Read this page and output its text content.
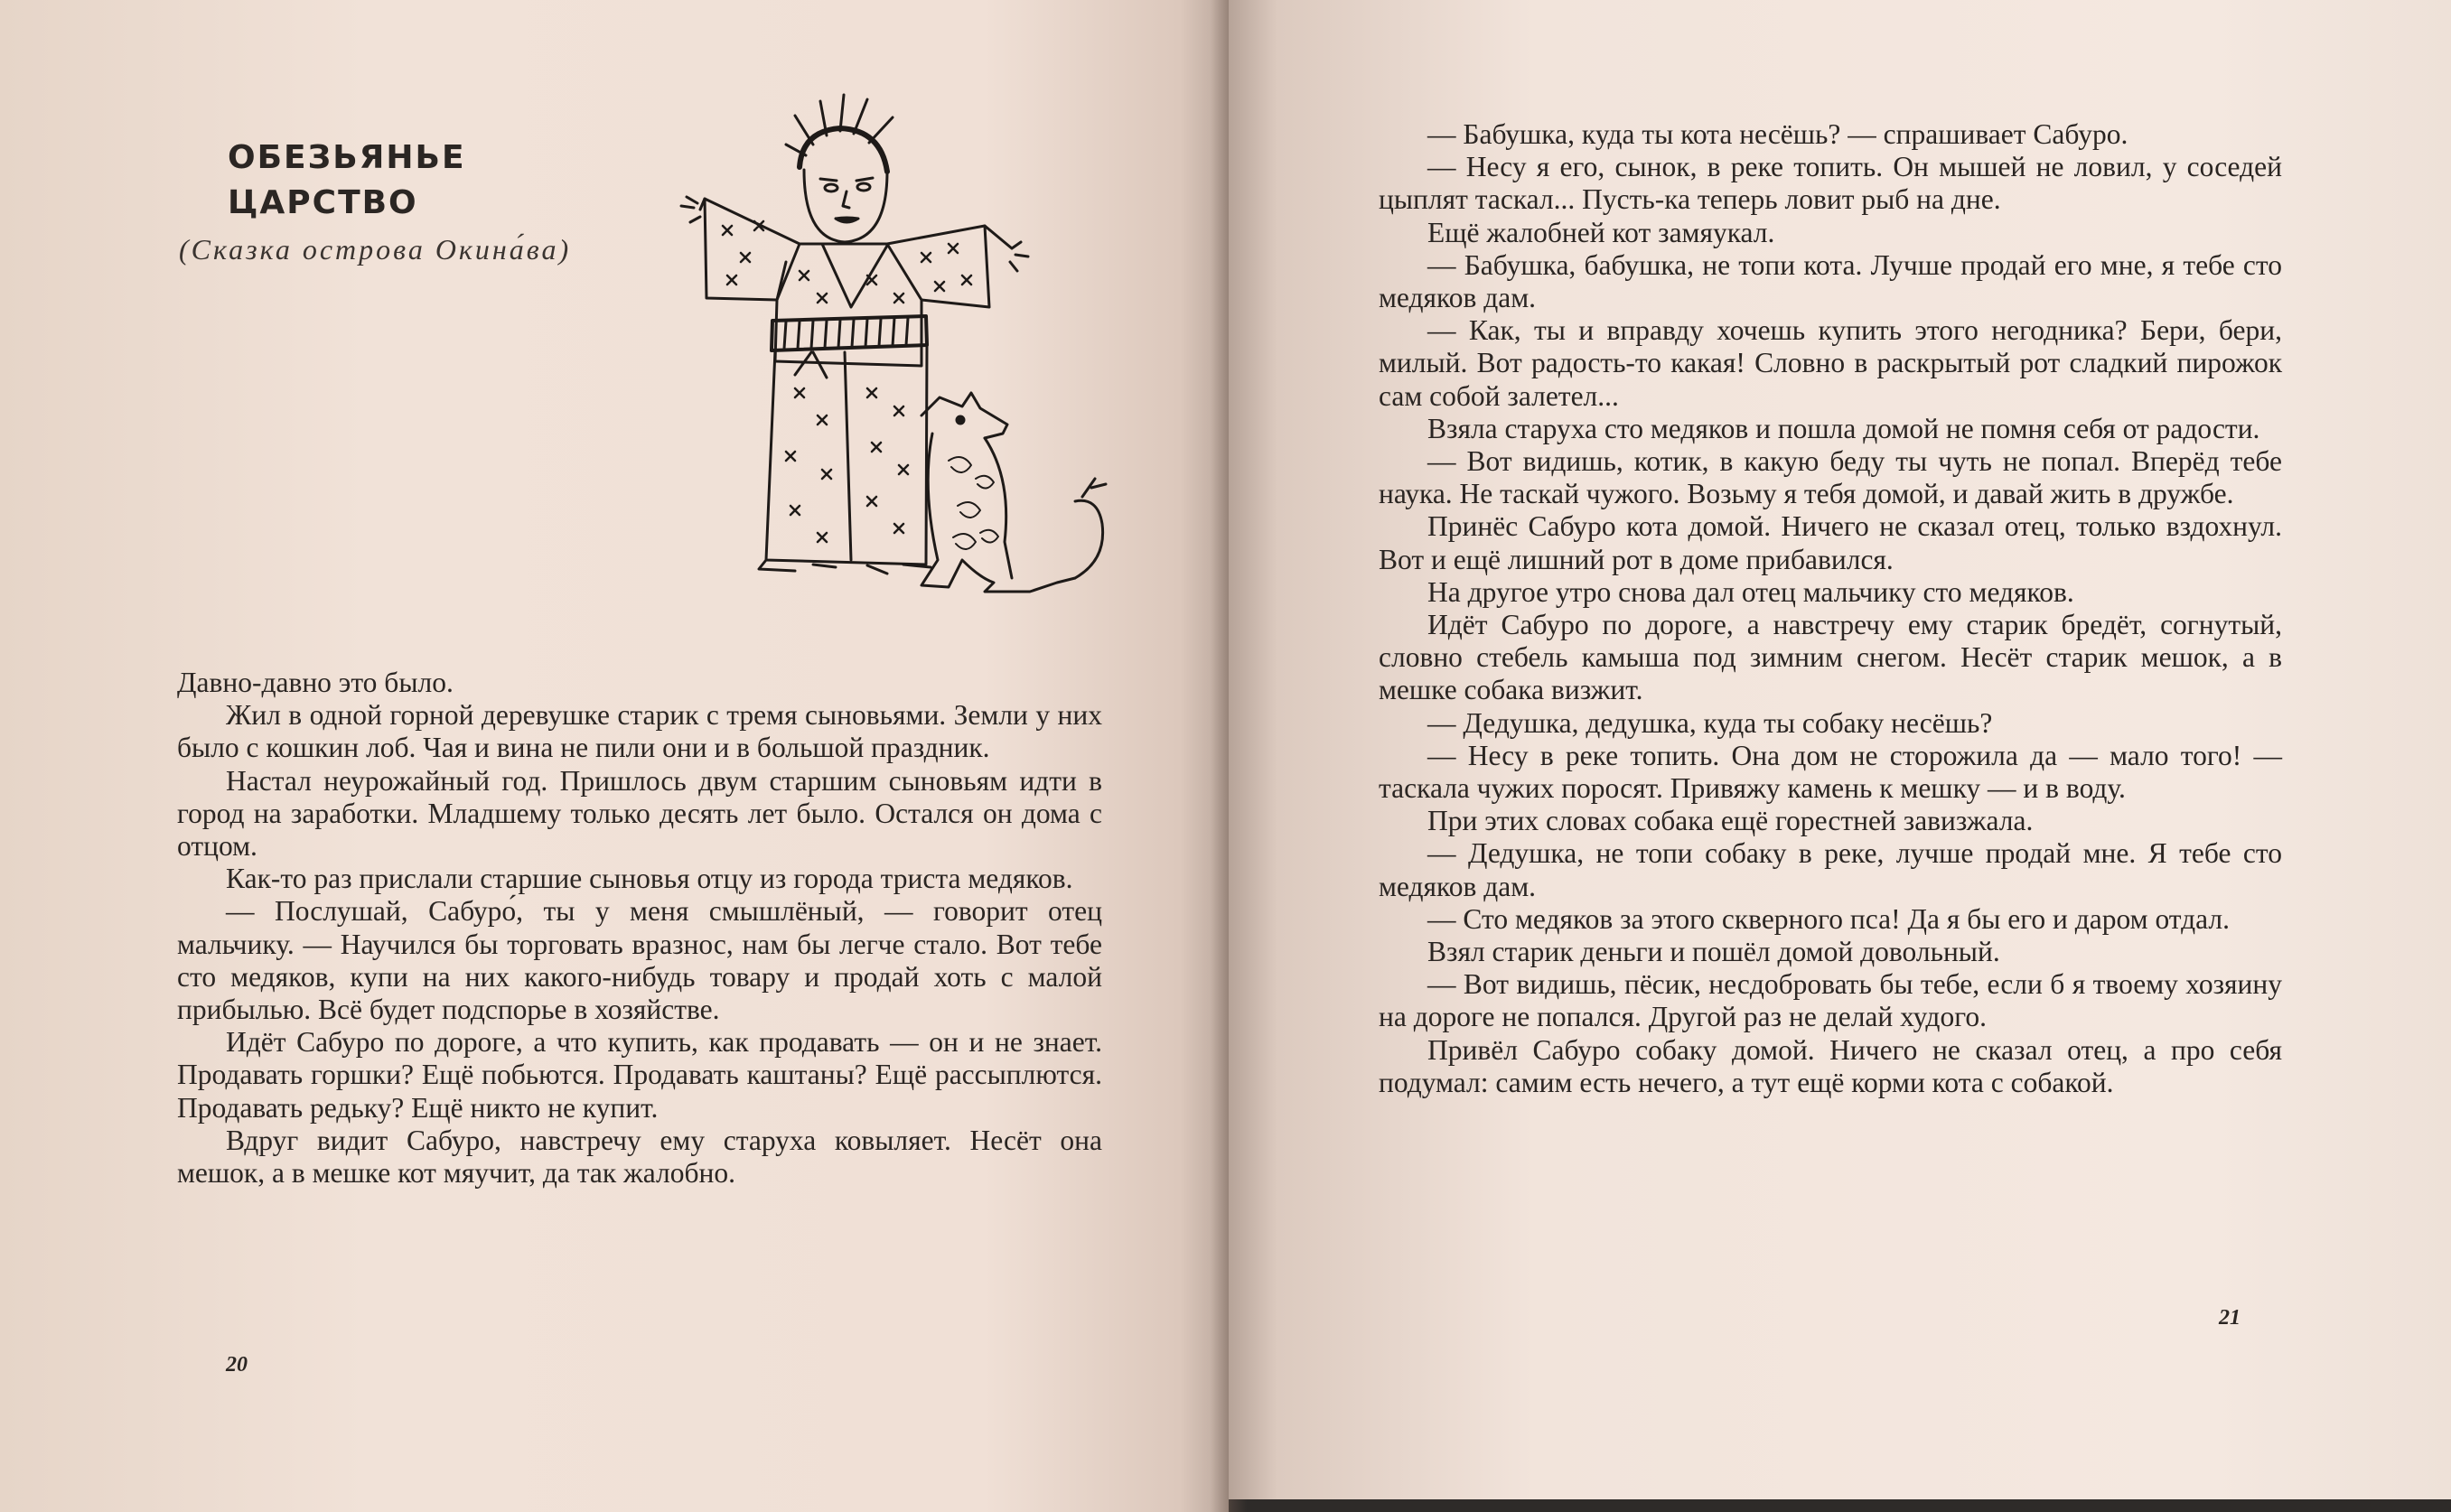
ОБЕЗЬЯНЬЕ
ЦАРСТВО
(Сказка острова Окина́ва)

Давно-давно это было.

Жил в одной горной деревушке старик с тремя сыновьями. Земли у них было с кошкин лоб. Чая и вина не пили они и в большой праздник.

Настал неурожайный год. Пришлось двум старшим сыновьям идти в город на заработки. Младшему только десять лет было. Остался он дома с отцом.

Как-то раз прислали старшие сыновья отцу из города триста медяков.

— Послушай, Сабуро́, ты у меня смышлёный, — говорит отец мальчику. — Научился бы торговать вразнос, нам бы легче стало. Вот тебе сто медяков, купи на них какого-нибудь товару и продай хоть с малой прибылью. Всё будет подспорье в хозяйстве.

Идёт Сабуро по дороге, а что купить, как продавать — он и не знает. Продавать горшки? Ещё побьются. Продавать каштаны? Ещё рассыплются. Продавать редьку? Ещё никто не купит.

Вдруг видит Сабуро, навстречу ему старуха ковыляет. Несёт она мешок, а в мешке кот мяучит, да так жалобно.

20

— Бабушка, куда ты кота несёшь? — спрашивает Сабуро.

— Несу я его, сынок, в реке топить. Он мышей не ловил, у соседей цыплят таскал... Пусть-ка теперь ловит рыб на дне.

Ещё жалобней кот замяукал.

— Бабушка, бабушка, не топи кота. Лучше продай его мне, я тебе сто медяков дам.

— Как, ты и вправду хочешь купить этого негодника? Бери, бери, милый. Вот радость-то какая! Словно в раскрытый рот сладкий пирожок сам собой залетел...

Взяла старуха сто медяков и пошла домой не помня себя от радости.

— Вот видишь, котик, в какую беду ты чуть не попал. Вперёд тебе наука. Не таскай чужого. Возьму я тебя домой, и давай жить в дружбе.

Принёс Сабуро кота домой. Ничего не сказал отец, только вздохнул. Вот и ещё лишний рот в доме прибавился.

На другое утро снова дал отец мальчику сто медяков.

Идёт Сабуро по дороге, а навстречу ему старик бредёт, согнутый, словно стебель камыша под зимним снегом. Несёт старик мешок, а в мешке собака визжит.

— Дедушка, дедушка, куда ты собаку несёшь?

— Несу в реке топить. Она дом не сторожила да — мало того! — таскала чужих поросят. Привяжу камень к мешку — и в воду.

При этих словах собака ещё горестней завизжала.

— Дедушка, не топи собаку в реке, лучше продай мне. Я тебе сто медяков дам.

— Сто медяков за этого скверного пса! Да я бы его и даром отдал.

Взял старик деньги и пошёл домой довольный.

— Вот видишь, пёсик, несдобровать бы тебе, если б я твоему хозяину на дороге не попался. Другой раз не делай худого.

Привёл Сабуро собаку домой. Ничего не сказал отец, а про себя подумал: самим есть нечего, а тут ещё корми кота с собакой.

21
